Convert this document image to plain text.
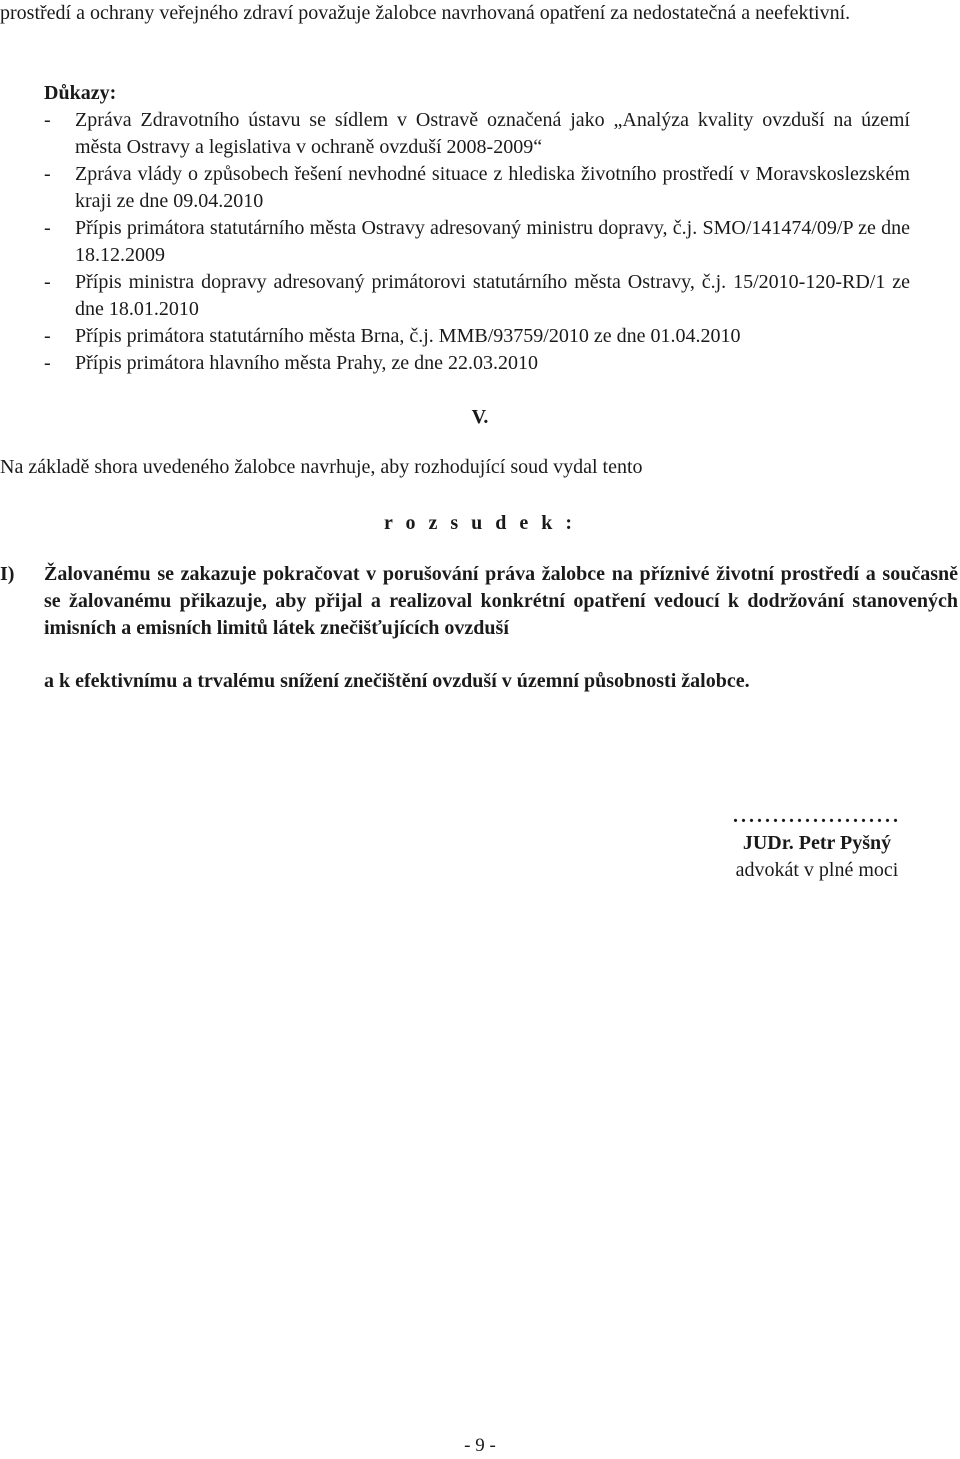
prostředí a ochrany veřejného zdraví považuje žalobce navrhovaná opatření za nedostatečná a neefektivní.
Důkazy:
- Zpráva Zdravotního ústavu se sídlem v Ostravě označená jako „Analýza kvality ovzduší na území města Ostravy a legislativa v ochraně ovzduší 2008-2009“
- Zpráva vlády o způsobech řešení nevhodné situace z hlediska životního prostředí v Moravskoslezském kraji ze dne 09.04.2010
- Přípis primátora statutárního města Ostravy adresovaný ministru dopravy, č.j. SMO/141474/09/P ze dne 18.12.2009
- Přípis ministra dopravy adresovaný primátorovi statutárního města Ostravy, č.j. 15/2010-120-RD/1 ze dne 18.01.2010
- Přípis primátora statutárního města Brna, č.j. MMB/93759/2010 ze dne 01.04.2010
- Přípis primátora hlavního města Prahy, ze dne 22.03.2010
V.
Na základě shora uvedeného žalobce navrhuje, aby rozhodující soud vydal tento
r o z s u d e k :
I) Žalovanému se zakazuje pokračovat v porušování práva žalobce na příznivé životní prostředí a současně se žalovanému přikazuje, aby přijal a realizoval konkrétní opatření vedoucí k dodržování stanovených imisních a emisních limitů látek znečišťujících ovzduší

a k efektivnímu a trvalému snížení znečištění ovzduší v územní působnosti žalobce.

.....................
JUDr. Petr Pyšný
advokát v plné moci
- 9 -
